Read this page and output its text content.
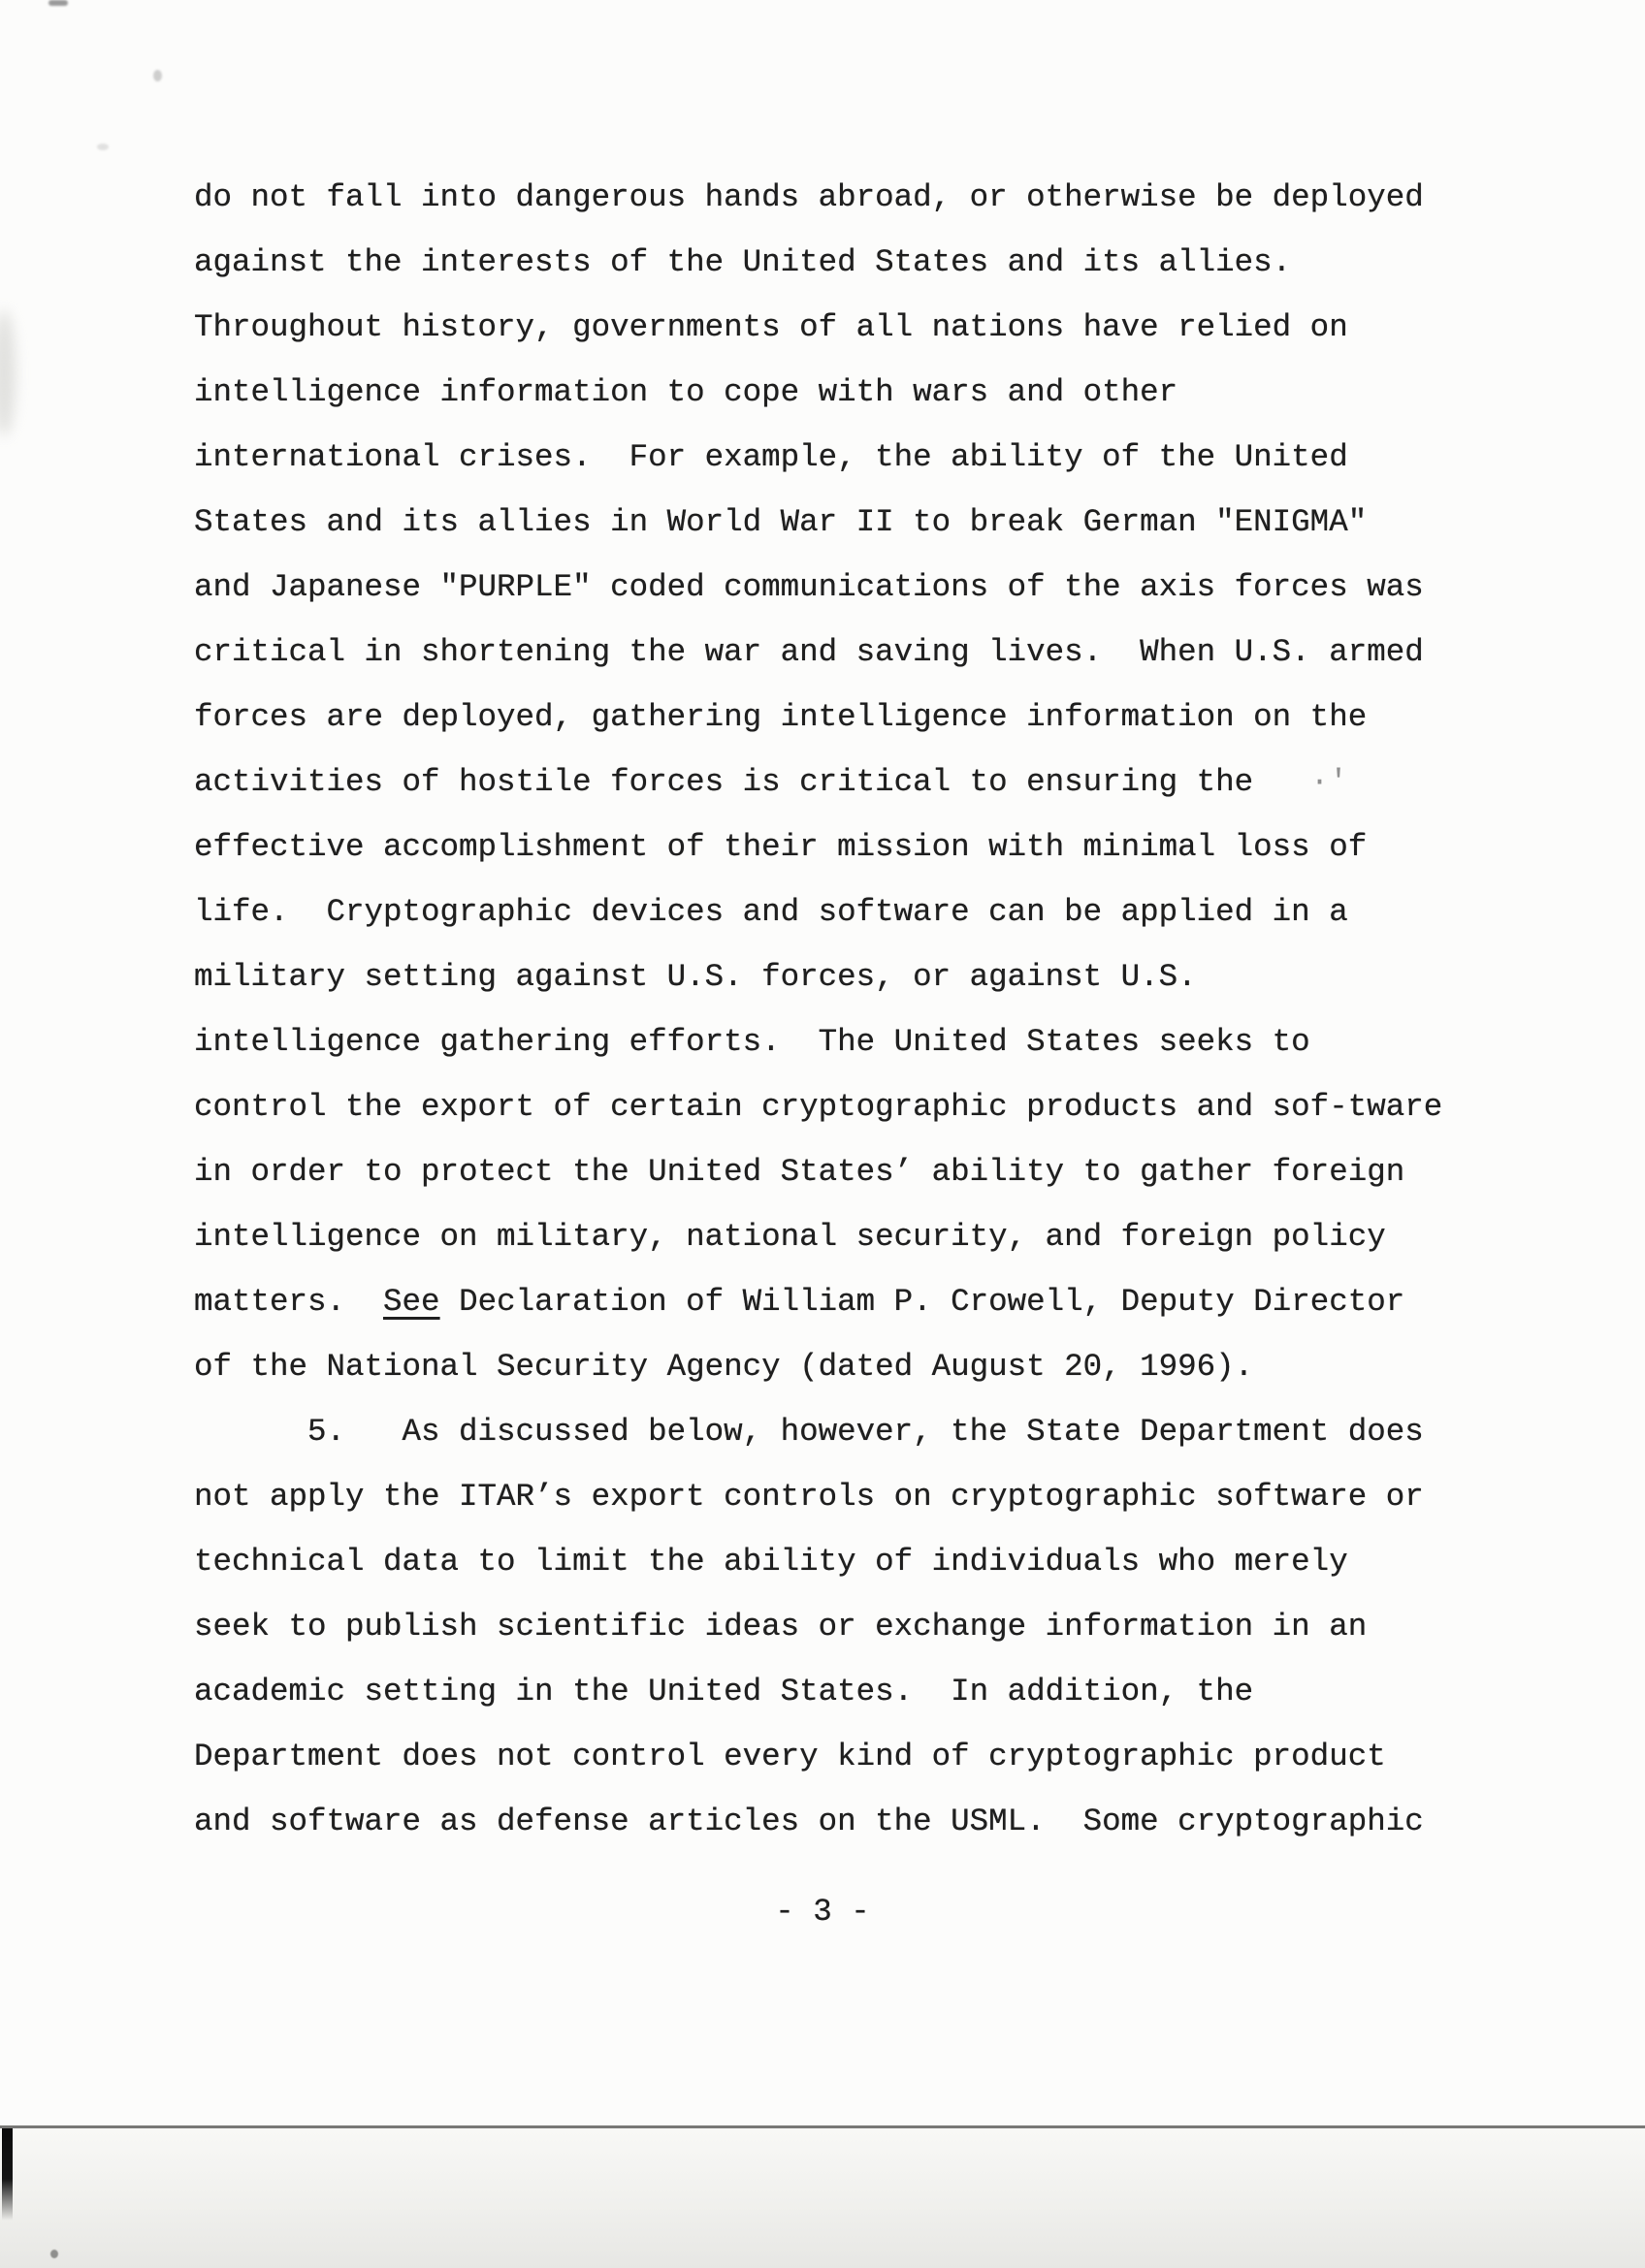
do not fall into dangerous hands abroad, or otherwise be deployed
against the interests of the United States and its allies.
Throughout history, governments of all nations have relied on
intelligence information to cope with wars and other
international crises.  For example, the ability of the United
States and its allies in World War II to break German "ENIGMA"
and Japanese "PURPLE" coded communications of the axis forces was
critical in shortening the war and saving lives.  When U.S. armed
forces are deployed, gathering intelligence information on the
activities of hostile forces is critical to ensuring the   ·'
effective accomplishment of their mission with minimal loss of
life.  Cryptographic devices and software can be applied in a
military setting against U.S. forces, or against U.S.
intelligence gathering efforts.  The United States seeks to
control the export of certain cryptographic products and sof-tware
in order to protect the United States’ ability to gather foreign
intelligence on military, national security, and foreign policy
matters.  See Declaration of William P. Crowell, Deputy Director
of the National Security Agency (dated August 20, 1996).
5.   As discussed below, however, the State Department does
not apply the ITAR’s export controls on cryptographic software or
technical data to limit the ability of individuals who merely
seek to publish scientific ideas or exchange information in an
academic setting in the United States.  In addition, the
Department does not control every kind of cryptographic product
and software as defense articles on the USML.  Some cryptographic
- 3 -
